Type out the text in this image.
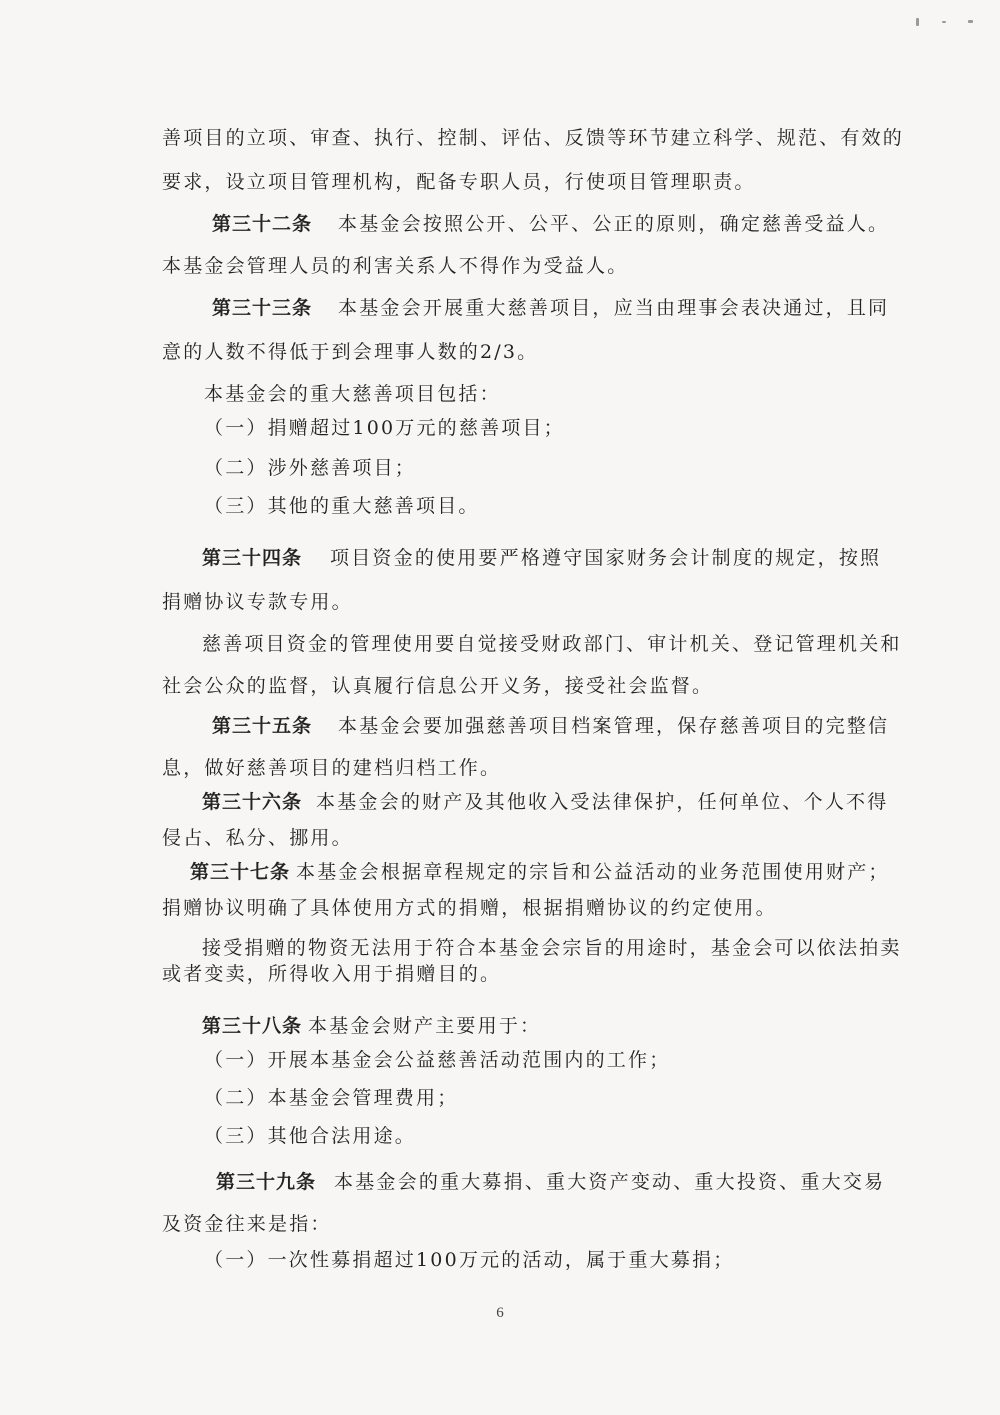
善项目的立项、审查、执行、控制、评估、反馈等环节建立科学、规范、有效的
要求，设立项目管理机构，配备专职人员，行使项目管理职责。
第三十二条 本基金会按照公开、公平、公正的原则，确定慈善受益人。
本基金会管理人员的利害关系人不得作为受益人。
第三十三条 本基金会开展重大慈善项目，应当由理事会表决通过，且同
意的人数不得低于到会理事人数的2/3。
本基金会的重大慈善项目包括：
（一）捐赠超过100万元的慈善项目；
（二）涉外慈善项目；
（三）其他的重大慈善项目。
第三十四条 项目资金的使用要严格遵守国家财务会计制度的规定，按照
捐赠协议专款专用。
慈善项目资金的管理使用要自觉接受财政部门、审计机关、登记管理机关和
社会公众的监督，认真履行信息公开义务，接受社会监督。
第三十五条 本基金会要加强慈善项目档案管理，保存慈善项目的完整信
息，做好慈善项目的建档归档工作。
第三十六条 本基金会的财产及其他收入受法律保护，任何单位、个人不得
侵占、私分、挪用。
第三十七条 本基金会根据章程规定的宗旨和公益活动的业务范围使用财产；
捐赠协议明确了具体使用方式的捐赠，根据捐赠协议的约定使用。
接受捐赠的物资无法用于符合本基金会宗旨的用途时，基金会可以依法拍卖
或者变卖，所得收入用于捐赠目的。
第三十八条 本基金会财产主要用于：
（一）开展本基金会公益慈善活动范围内的工作；
（二）本基金会管理费用；
（三）其他合法用途。
第三十九条 本基金会的重大募捐、重大资产变动、重大投资、重大交易
及资金往来是指：
（一）一次性募捐超过100万元的活动，属于重大募捐；
6
